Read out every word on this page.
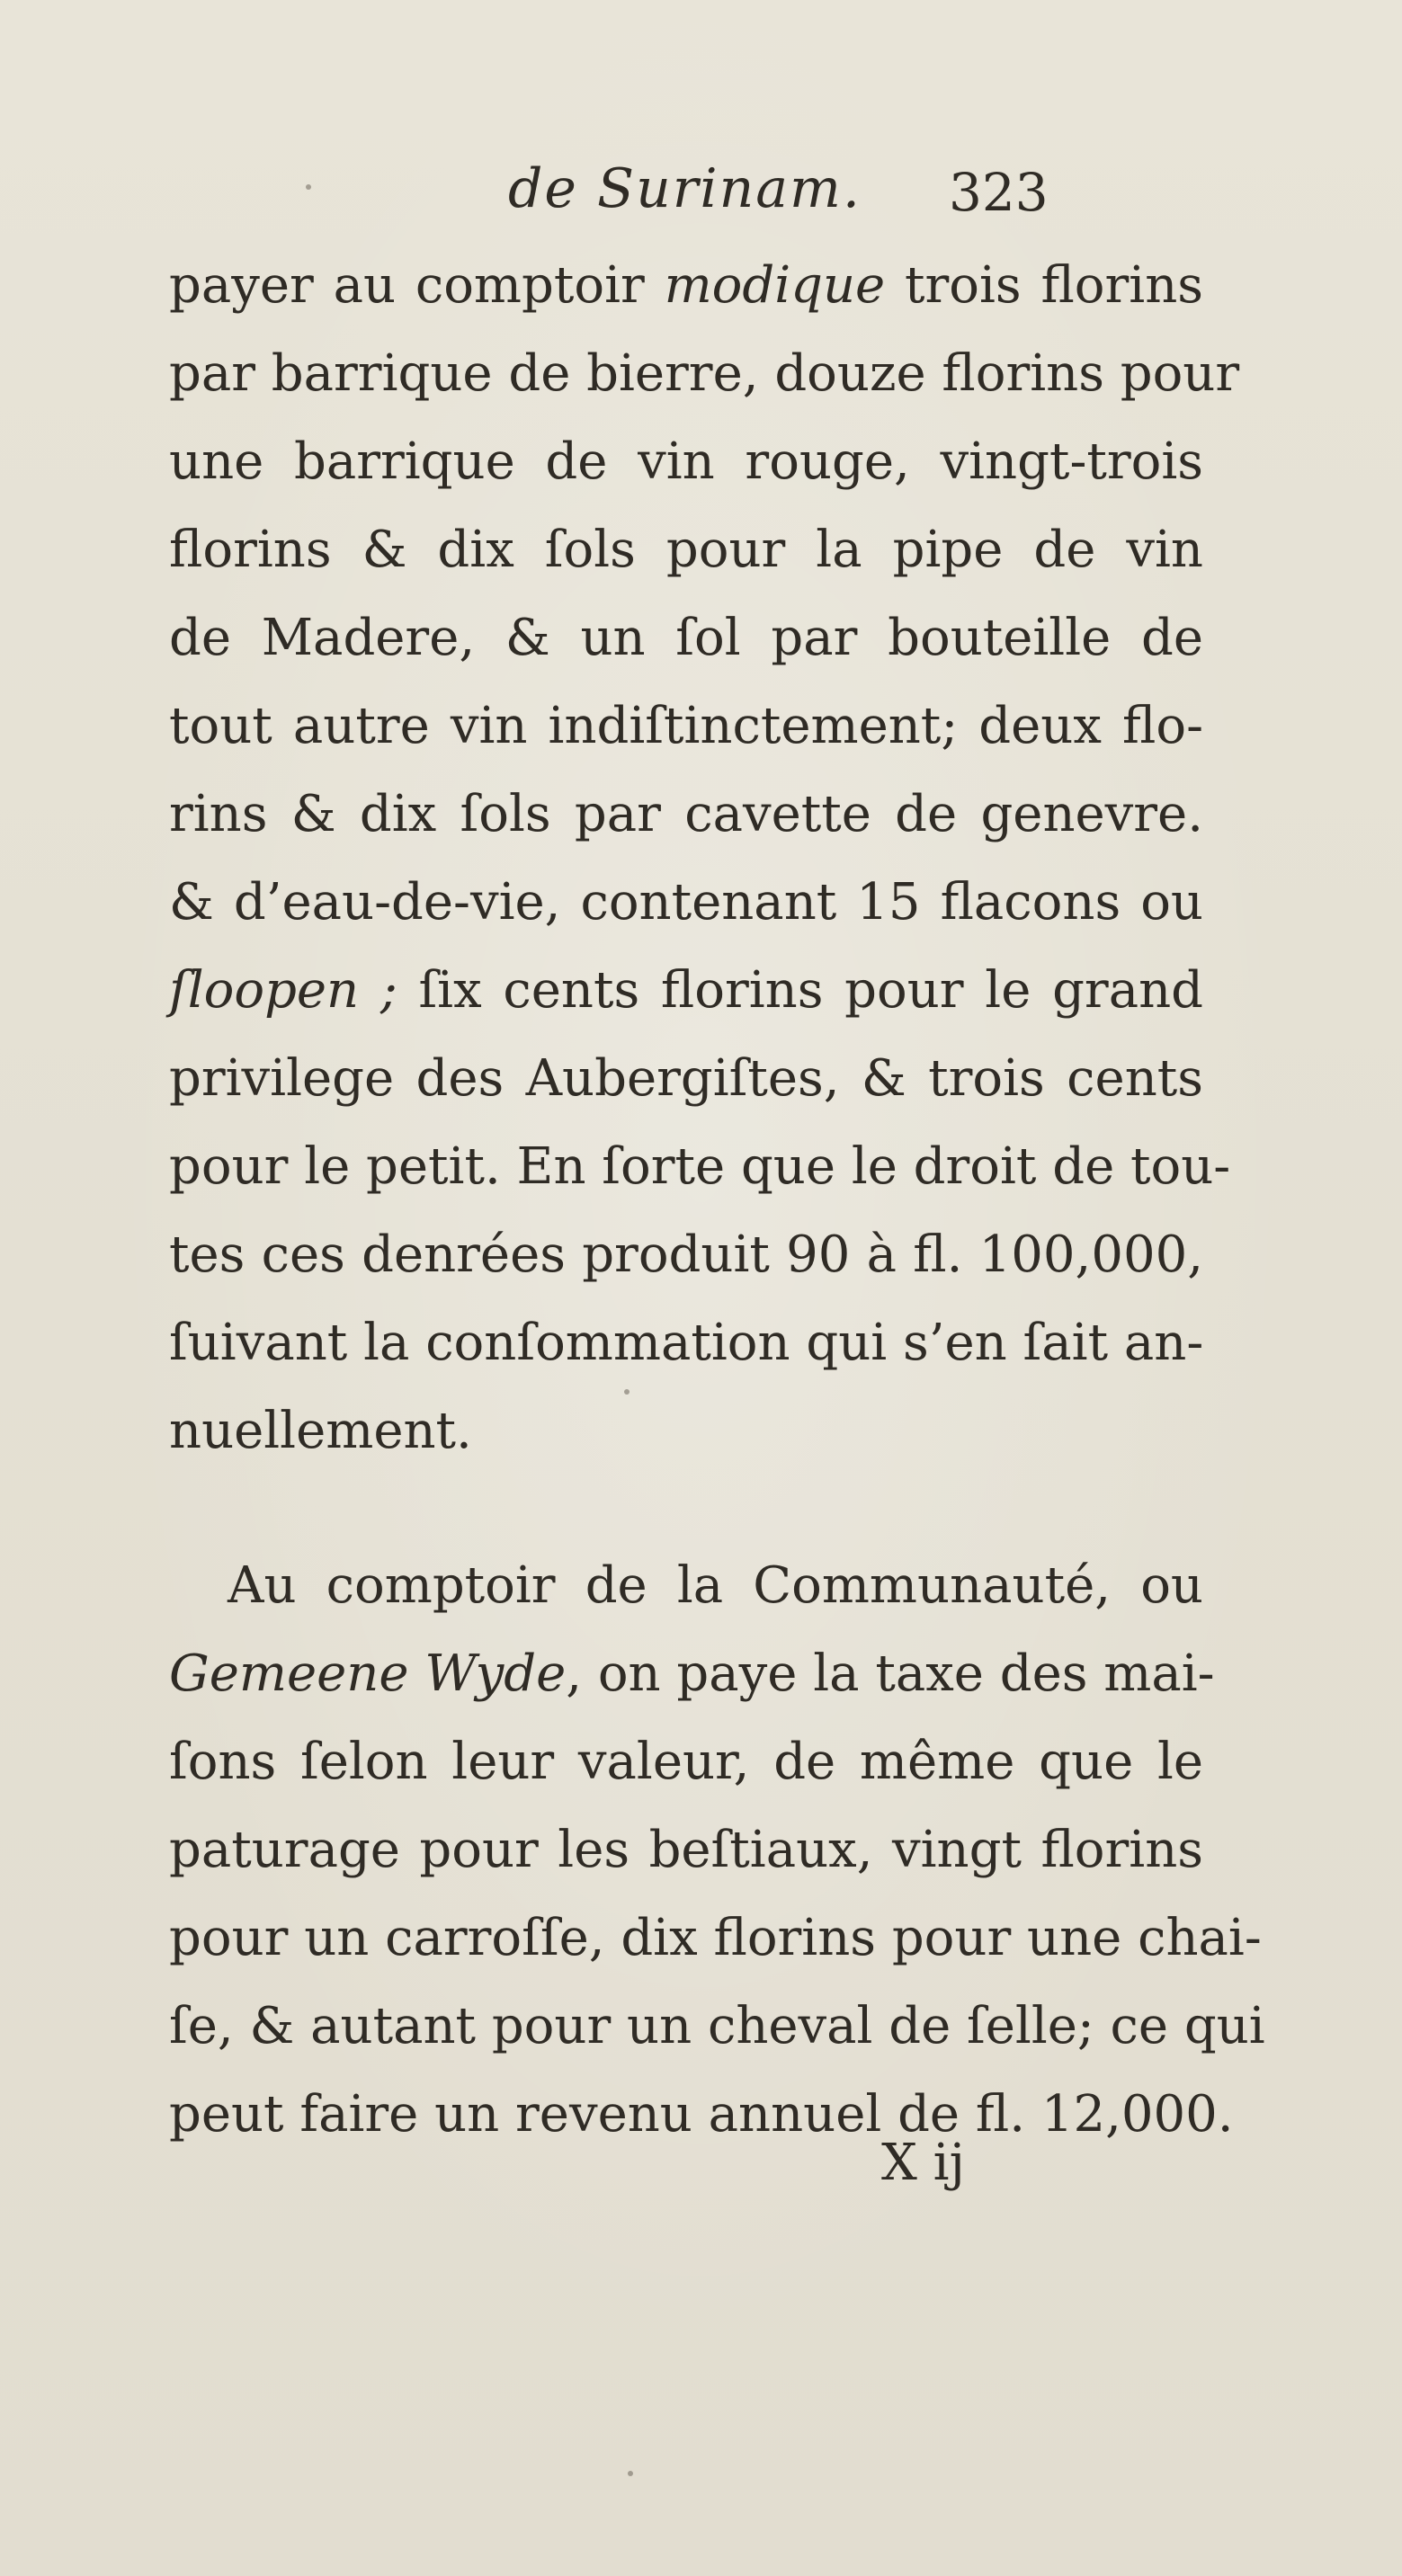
de Surinam. 323
payer au comptoir modique trois florins
par barrique de bierre, douze florins pour
une barrique de vin rouge, vingt-trois
florins & dix ſols pour la pipe de vin
de Madere, & un ſol par bouteille de
tout autre vin indiſtinctement; deux flo-
rins & dix ſols par cavette de genevre.
& d’eau-de-vie, contenant 15 flacons ou
ſloopen ; ſix cents florins pour le grand
privilege des Aubergiſtes, & trois cents
pour le petit. En ſorte que le droit de tou-
tes ces denrées produit 90 à fl. 100,000,
ſuivant la conſommation qui s’en ſait an-
nuellement.
Au comptoir de la Communauté, ou
Gemeene Wyde, on paye la taxe des mai-
ſons ſelon leur valeur, de même que le
paturage pour les beſtiaux, vingt florins
pour un carroſſe, dix florins pour une chai-
ſe, & autant pour un cheval de ſelle; ce qui
peut faire un revenu annuel de fl. 12,000.
X ij
